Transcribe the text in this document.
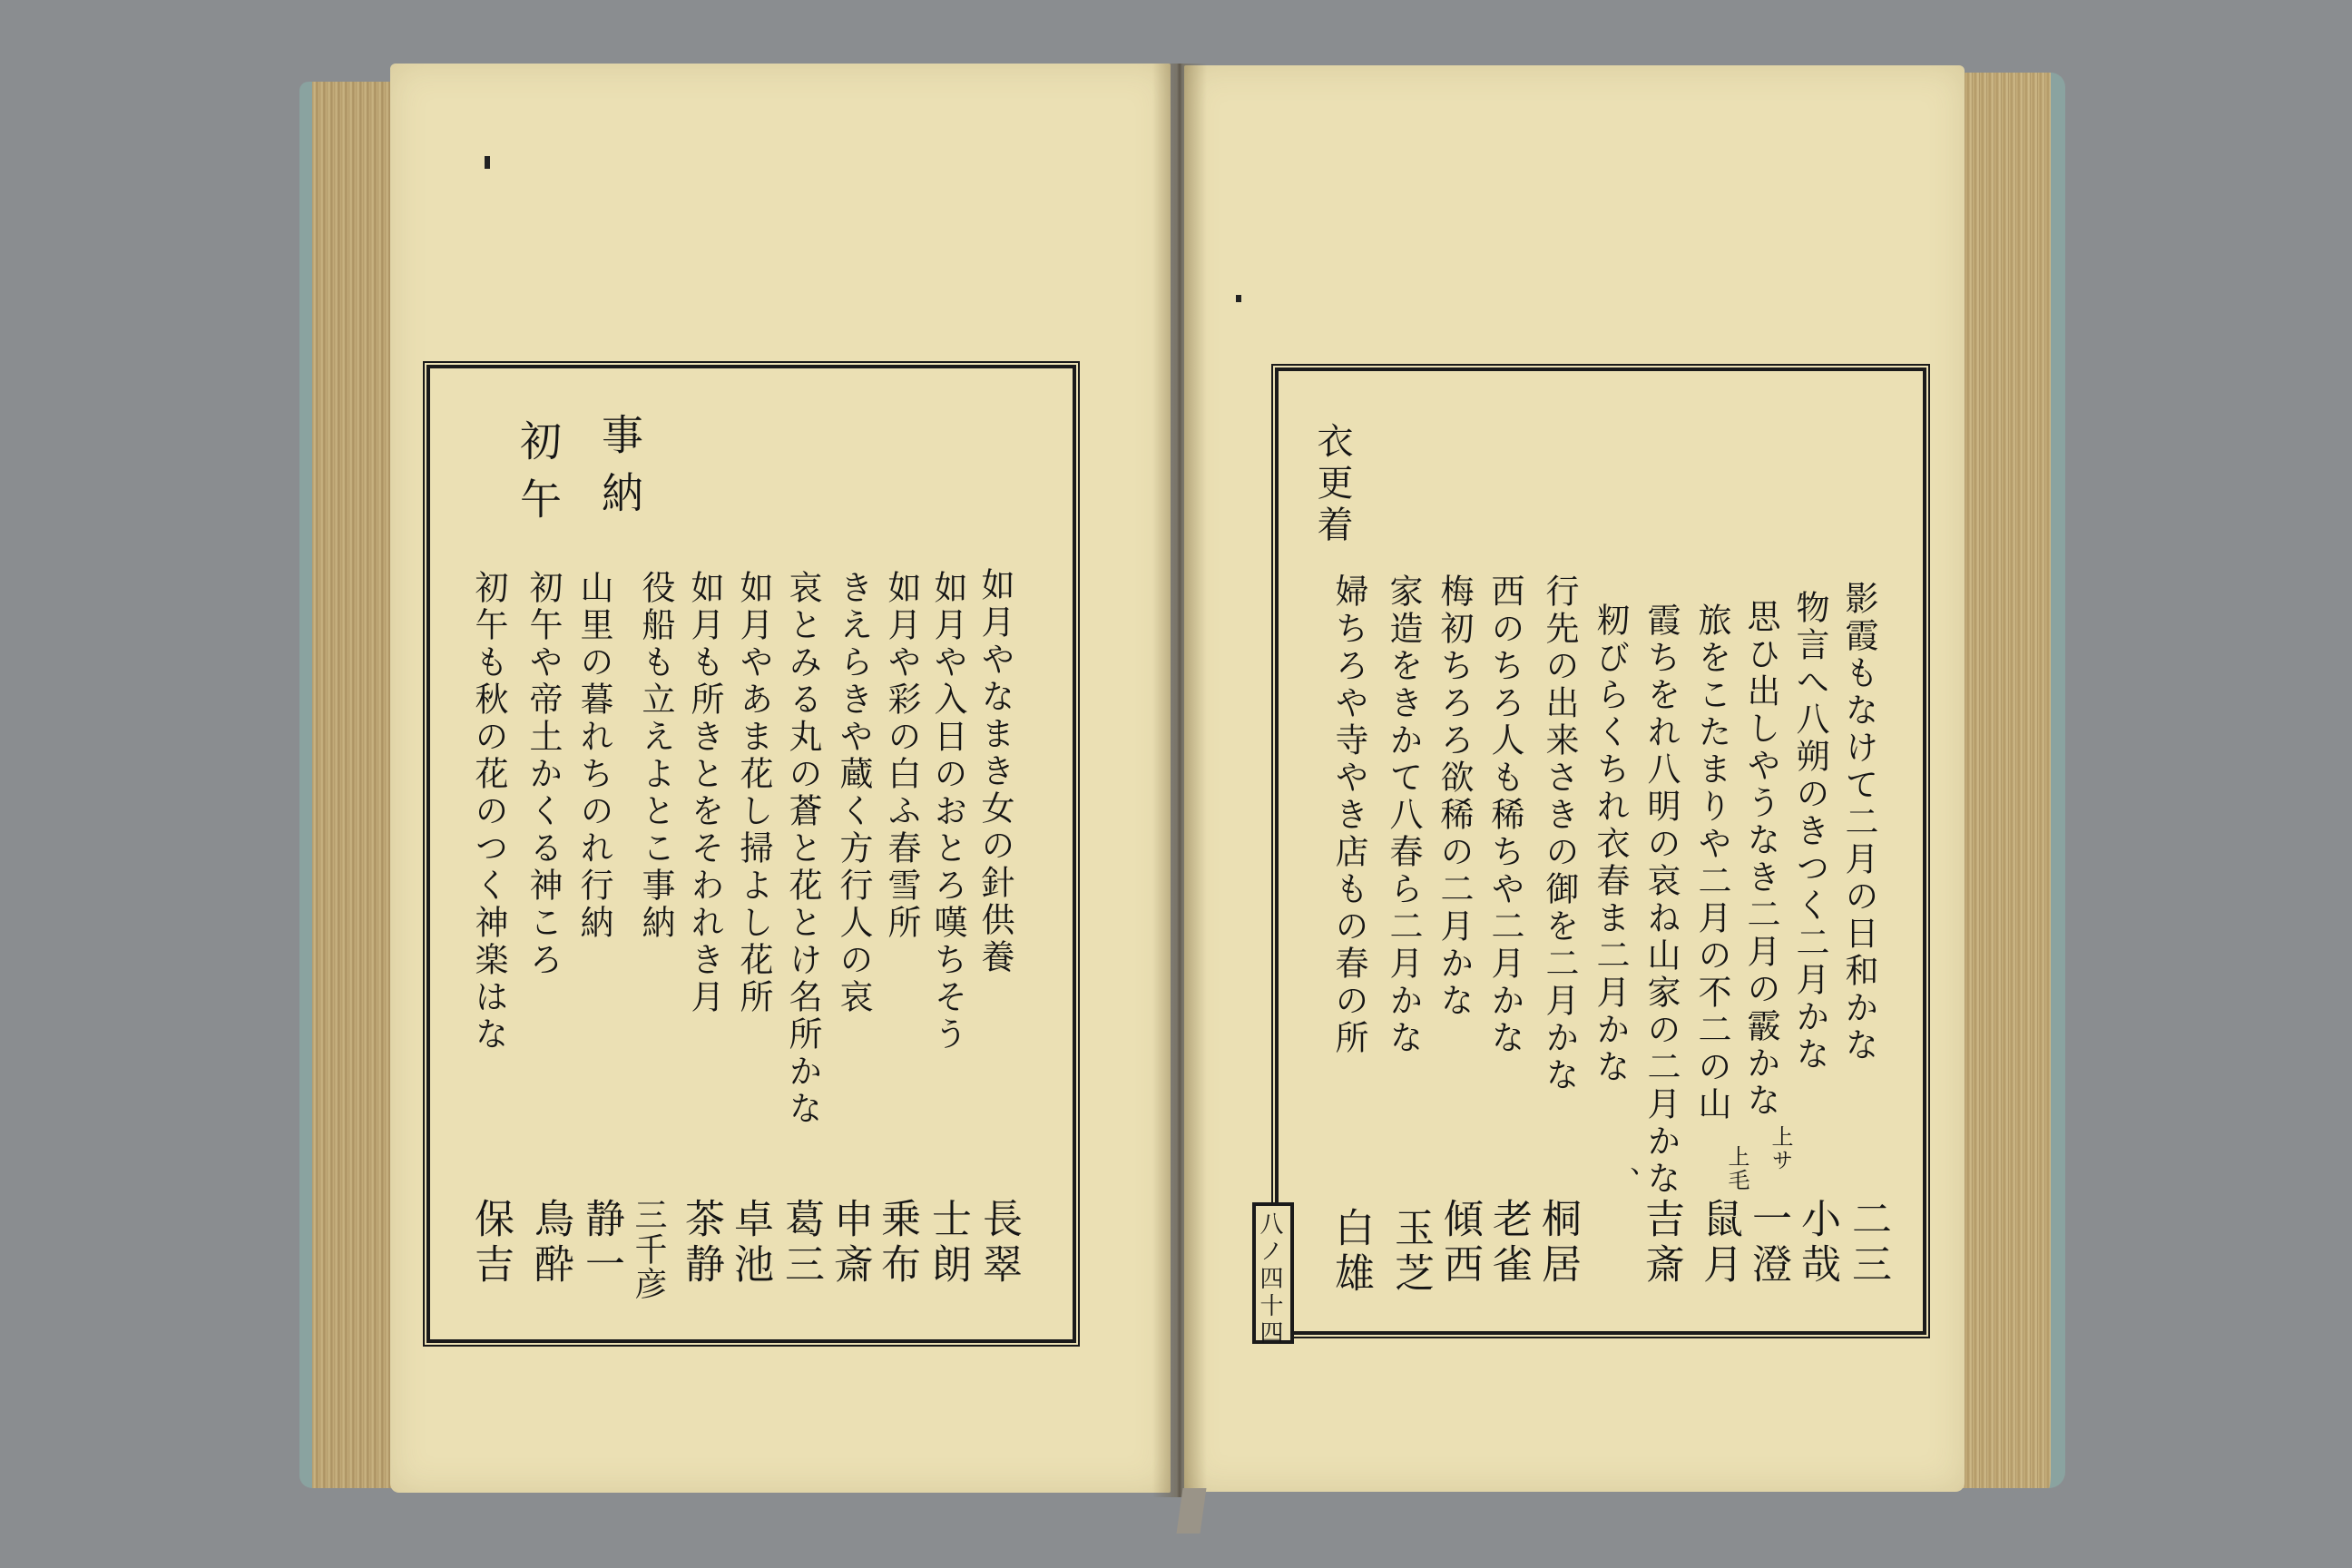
事納
初午
如月やなまき女の針供養
如月や入日のおとろ嘆ちそう
如月や彩の白ふ春雪所
きえらきや蔵く方行人の哀
哀とみる丸の蒼と花とけ名所かな
如月やあま花し掃よし花所
如月も所きとをそわれき月
役船も立えよとこ事納
山里の暮れちのれ行納
初午や帝土かくる神ころ
初午も秋の花のつく神楽はな
長翠
士朗
乗布
申斎
葛三
卓池
茶静
三千彦
静一
鳥酔
保吉
衣更着
影霞もなけて二月の日和かな
物言へ八朔のきつく二月かな
思ひ出しやうなき二月の霰かな
旅をこたまりや二月の不二の山
霞ちをれ八明の哀ね山家の二月かな
籾びらくちれ衣春ま二月かな
行先の出来さきの御を二月かな
西のちろ人も稀ちや二月かな
梅初ちろろ欲稀の二月かな
家造をきかて八春ら二月かな
婦ちろや寺やき店もの春の所
上サ
上毛
二三
小哉
一澄
鼠月
吉斎
、
桐居
老雀
傾西
玉芝
白雄
八ノ四十四
